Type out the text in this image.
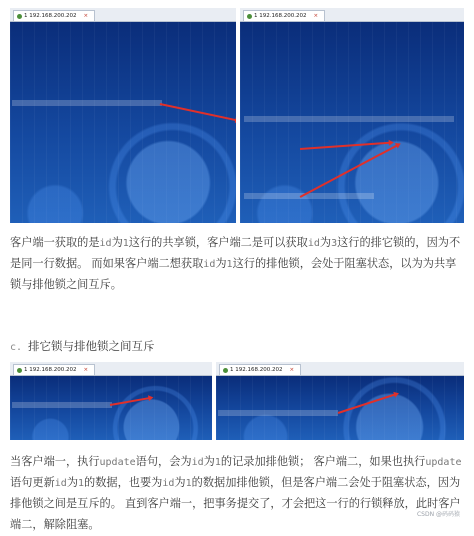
1 192.168.200.202 ×

	1 192.168.200.202 ×
客户端一获取的是id为1这行的共享锁，客户端二是可以获取id为3这行的排它锁的，因为不是同一行数据。 而如果客户端二想获取id为1这行的排他锁，会处于阻塞状态，以为为共享锁与排他锁之间互斥。
c. 排它锁与排他锁之间互斥
1 192.168.200.202 ×	1 192.168.200.202 ×
当客户端一，执行update语句，会为id为1的记录加排他锁； 客户端二，如果也执行update语句更新id为1的数据，也要为id为1的数据加排他锁，但是客户端二会处于阻塞状态，因为排他锁之间是互斥的。 直到客户端一，把事务提交了，才会把这一行的行锁释放，此时客户端二，解除阻塞。
CSDN @码码猿
